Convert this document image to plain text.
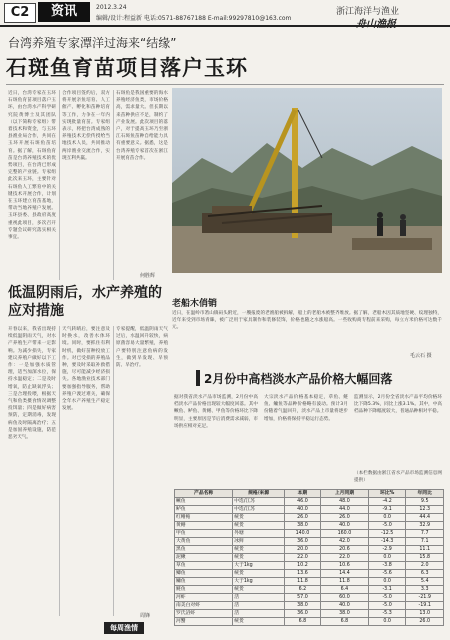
C2	资讯	2012.3.24
编辑/设计:程益新 电话:0571-88767188 E-mail:99297810@163.com
浙江海洋与渔业
台湾养殖专家潭洋过海来“结缘”
石斑鱼育苗项目落户玉环
近日，台湾专家在玉环石斑鱼育苗项目落户玉环，由台湾水产科学研究院黄博士及其团队（以下简称专家组）带着技术和资金，与玉环县渔业局合作，共同在玉环开展石斑鱼苗培育。据了解，石斑鱼育苗是台湾养殖技术的优势项目，在台湾已形成完整的产业链。专家组此次来玉环，主要针对石斑鱼人工繁育中的关键技术开展合作，计划在玉环建立育苗基地，带动当地养殖户发展。玉环县委、县政府高度重视此项目，多次召开专题会议研究落实相关事宜。
合作项目签约后，双方将开展亲鱼培育、人工催产、孵化和苗种培育等工作，力争在一年内实现批量育苗。专家组表示，将把台湾成熟的养殖技术无偿传授给当地技术人员，共同推动两岸渔业交流合作，实现互利共赢。
石斑鱼是我国重要的海水养殖经济鱼类，市场价格高，需求量大。但长期以来苗种供应不足，制约了产业发展。此次项目的落户，对于提高玉环乃至浙江石斑鱼苗种自给能力具有重要意义。据悉，这是台湾养殖专家首次在浙江开展育苗合作。
何胜辉
老船木俏销
近日，在温岭市箬山镇码头附近，一艘报废的老渔船被拆解，船上的老船木被整齐堆放。据了解，老船木因其质地坚硬、纹理独特，近年来受到市场青睐，被广泛用于家具制作和装修装饰，价格也随之水涨船高。一些收购商专程前来采购，每立方米价格可达数千元。
毛云石 摄
低温阴雨后，水产养殖的应对措施
开春以来，我省出现持续低温阴雨天气，对水产养殖生产带来一定影响。为减少损失，专家建议养殖户做好以下工作：一是加强水质管理，适当加深水位，保持水温稳定；二是及时增氧，防止缺氧浮头；三是合理投喂，根据天气和鱼类摄食情况调整投饵量；四是做好病害预防，定期消毒，发现病鱼及时隔离治疗；五是加固养殖设施，防范恶劣天气。
天气转晴后，要注意及时换水，改善水体环境。同时，要抓住有利时机，做好苗种投放工作。对已受损的养殖品种，要及时采取补救措施，尽可能减少经济损失。各地渔业技术部门要加强指导服务，帮助养殖户渡过难关，确保全年水产养殖生产稳定发展。
专家提醒，低温阴雨天气过后，水温回升较快，病原菌容易大量繁殖，养殖户要特别注意鱼病的发生，做到早发现、早预防、早治疗。
周锋
2月份中高档淡水产品价格大幅回落
据对我省淡水产品市场监测，2月份中高档淡水产品价格出现较大幅度回落。其中鳜鱼、鲈鱼、黄鳝、甲鱼等价格环比下降明显，主要原因是节后消费需求减弱，市场供应相对充足。
大宗淡水产品价格基本稳定，草鱼、鲢鱼、鳙鱼等品种价格略有波动。预计3月份随着气温回升，淡水产品上市量将逐步增加，价格将保持平稳运行态势。
监测显示，2月份全省淡水产品平均价格环比下降5.3%，同比上涨3.1%。其中，中高档品种下降幅度较大，普通品种相对平稳。
（本栏数据由浙江省水产品市场监测信息网提供）
产品名称	规格/来源	本期	上月同期	环比%	年同比
鳜鱼	中选/江苏	46.0	48.0	-4.2	9.5
鲈鱼	中选/江苏	40.0	44.0	-9.1	12.3
红鳍鲌	统货	26.0	26.0	0.0	44.4
黄鳝	统货	38.0	40.0	-5.0	32.9
甲鱼	外塘	140.0	160.0	-12.5	7.7
大黄鱼	冰鲜	36.0	42.0	-14.3	7.1
黑鱼	统货	20.0	20.6	-2.9	11.1
泥鳅	统货	22.0	22.0	0.0	15.8
草鱼	大于1kg	10.2	10.6	-3.8	2.0
鲫鱼	统货	13.6	14.4	-5.6	6.3
鳙鱼	大于1kg	11.8	11.8	0.0	5.4
鲢鱼	统货	6.2	6.4	-3.1	3.3
河虾	活	57.0	60.0	-5.0	-21.9
南美白对虾	活	38.0	40.0	-5.0	-19.1
罗氏沼虾	活	36.0	38.0	-5.3	13.0
河蟹	统货	6.8	6.8	0.0	26.0
每周渔情
